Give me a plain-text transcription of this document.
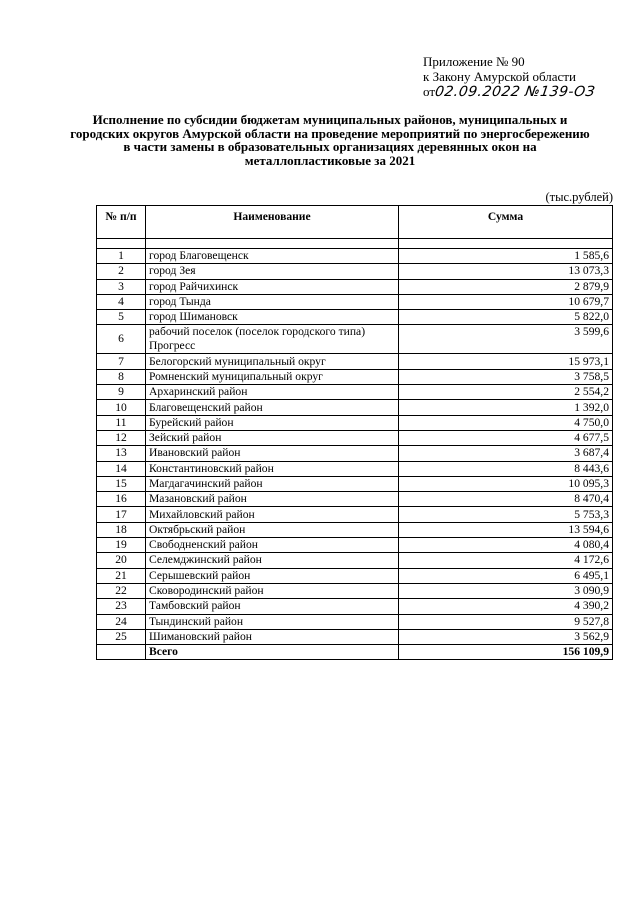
Приложение № 90
к Закону Амурской области
от02.09.2022 №139-ОЗ
Исполнение по субсидии бюджетам муниципальных районов, муниципальных и городских округов Амурской области на проведение мероприятий по энергосбережению в части замены в образовательных организациях деревянных окон на металлопластиковые за 2021
(тыс.рублей)
№ п/п	Наименование	Сумма

1	город Благовещенск	1 585,6
2	город Зея	13 073,3
3	город Райчихинск	2 879,9
4	город Тында	10 679,7
5	город Шимановск	5 822,0
6	рабочий поселок (поселок городского типа) Прогресс	3 599,6
7	Белогорский муниципальный округ	15 973,1
8	Ромненский муниципальный округ	3 758,5
9	Архаринский район	2 554,2
10	Благовещенский район	1 392,0
11	Бурейский район	4 750,0
12	Зейский район	4 677,5
13	Ивановский район	3 687,4
14	Константиновский район	8 443,6
15	Магдагачинский район	10 095,3
16	Мазановский район	8 470,4
17	Михайловский район	5 753,3
18	Октябрьский район	13 594,6
19	Свободненский район	4 080,4
20	Селемджинский район	4 172,6
21	Серышевский район	6 495,1
22	Сковородинский район	3 090,9
23	Тамбовский район	4 390,2
24	Тындинский район	9 527,8
25	Шимановский район	3 562,9
	Всего	156 109,9
